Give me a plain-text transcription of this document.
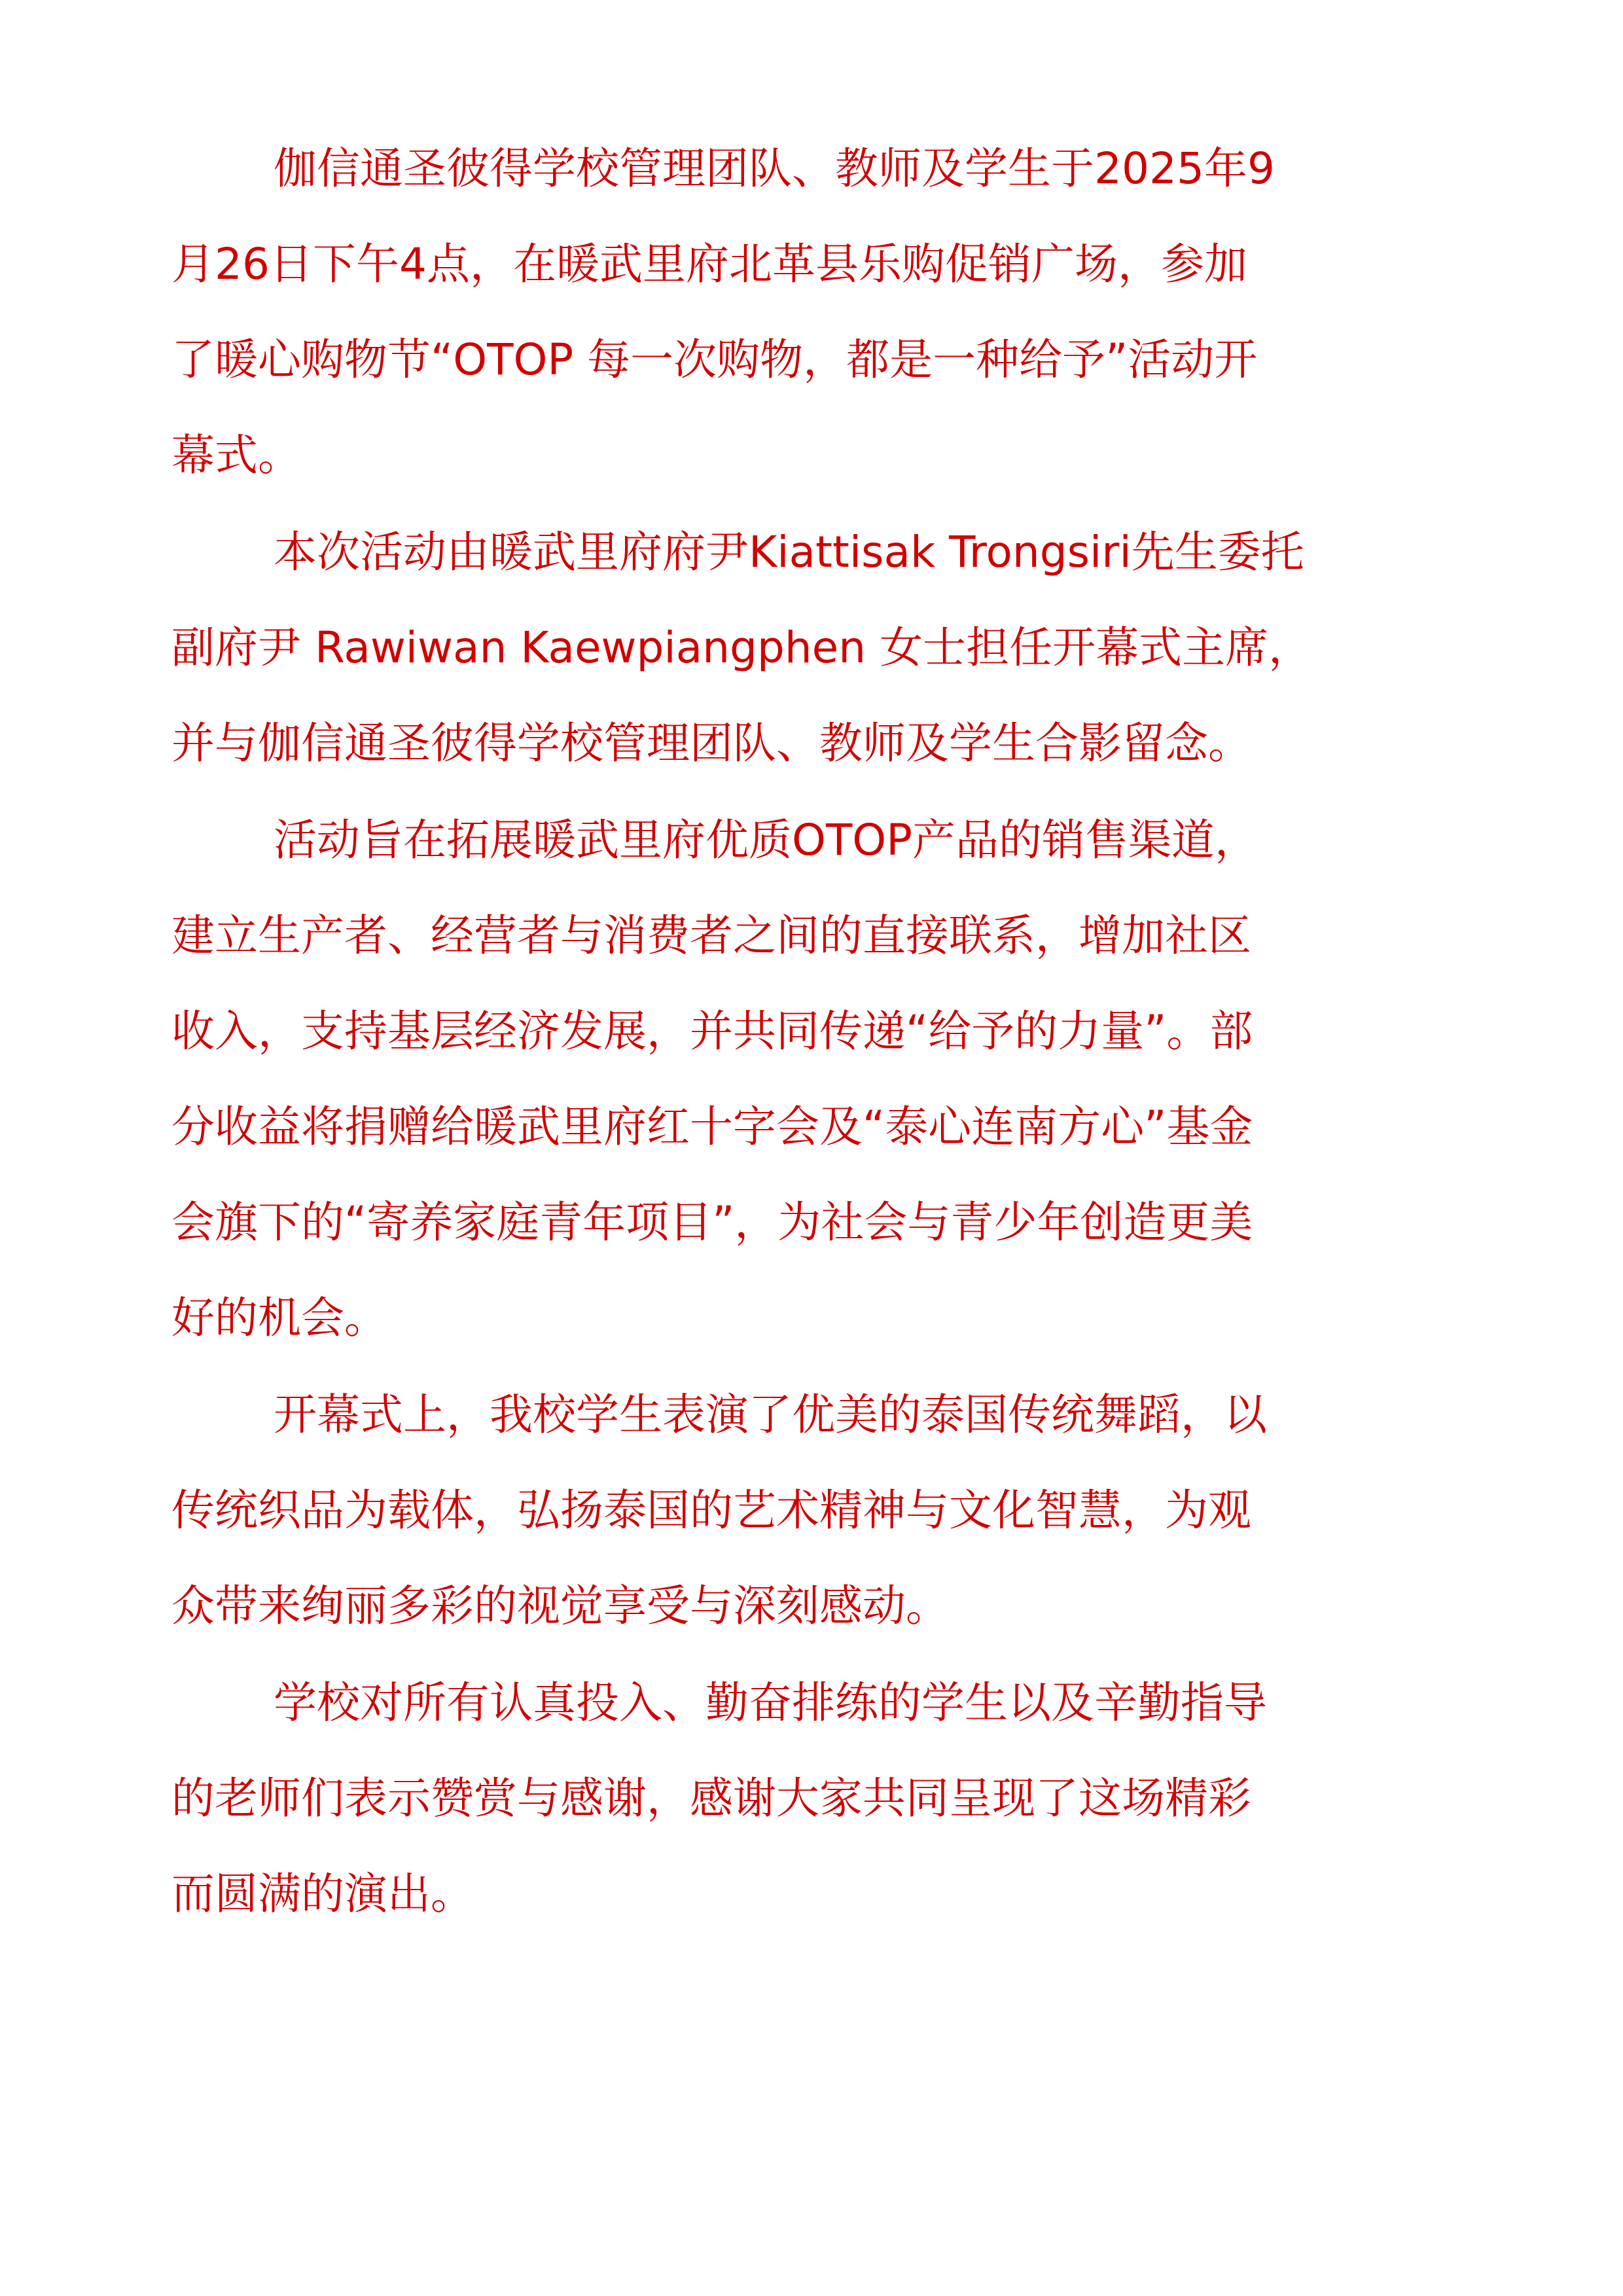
伽信通圣彼得学校管理团队、教师及学生于2025年9
月26日下午4点，在暖武里府北革县乐购促销广场，参加
了暖心购物节“OTOP 每一次购物，都是一种给予”活动开
幕式。

本次活动由暖武里府府尹Kiattisak Trongsiri先生委托
副府尹 Rawiwan Kaewpiangphen 女士担任开幕式主席，
并与伽信通圣彼得学校管理团队、教师及学生合影留念。

活动旨在拓展暖武里府优质OTOP产品的销售渠道，
建立生产者、经营者与消费者之间的直接联系，增加社区
收入，支持基层经济发展，并共同传递“给予的力量”。部
分收益将捐赠给暖武里府红十字会及“泰心连南方心”基金
会旗下的“寄养家庭青年项目”，为社会与青少年创造更美
好的机会。

开幕式上，我校学生表演了优美的泰国传统舞蹈，以
传统织品为载体，弘扬泰国的艺术精神与文化智慧，为观
众带来绚丽多彩的视觉享受与深刻感动。

学校对所有认真投入、勤奋排练的学生以及辛勤指导
的老师们表示赞赏与感谢，感谢大家共同呈现了这场精彩
而圆满的演出。
